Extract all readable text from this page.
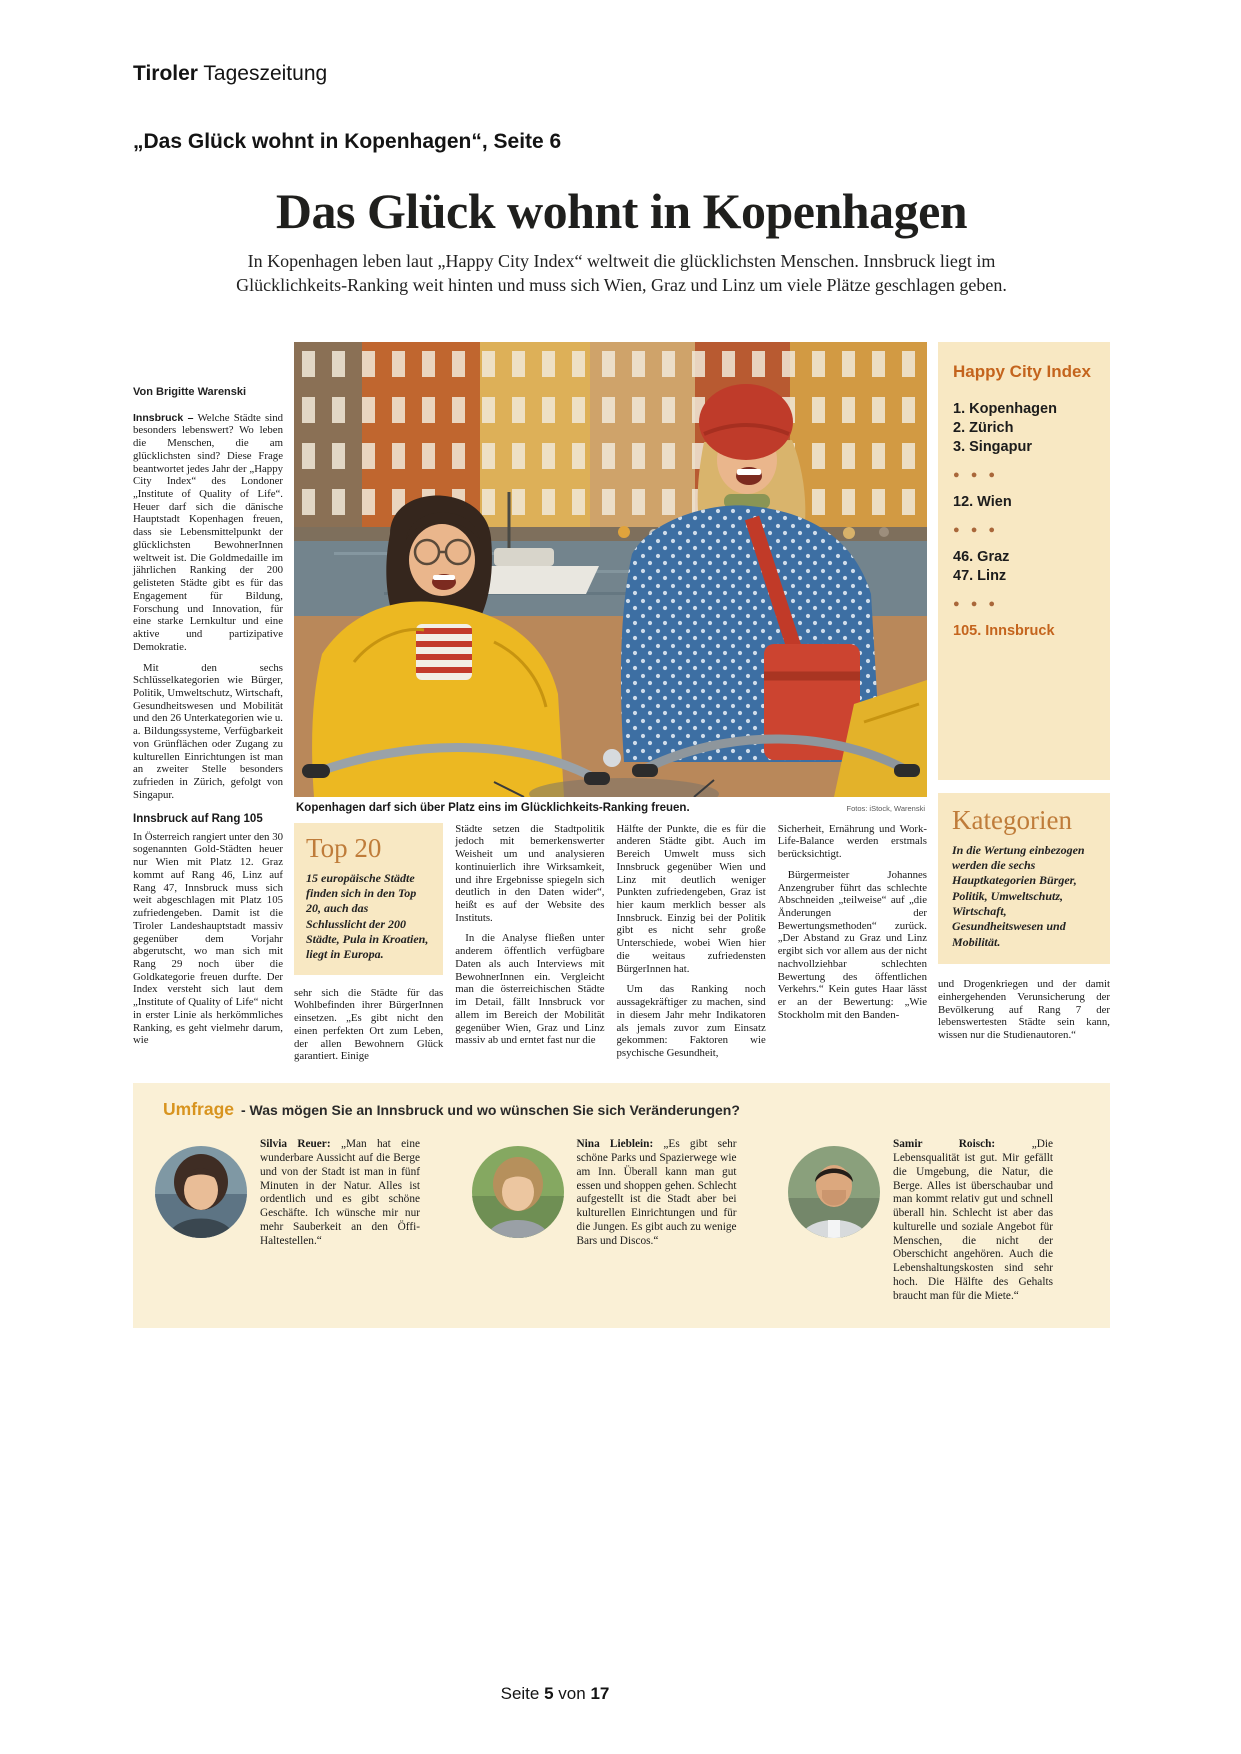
Tiroler Tageszeitung
„Das Glück wohnt in Kopenhagen“, Seite 6
Das Glück wohnt in Kopenhagen

In Kopenhagen leben laut „Happy City Index“ weltweit die glücklichsten Menschen. Innsbruck liegt im Glücklichkeits-Ranking weit hinten und muss sich Wien, Graz und Linz um viele Plätze geschlagen geben.

Von Brigitte Warenski

Innsbruck – Welche Städte sind besonders lebenswert? Wo leben die Menschen, die am glücklichsten sind? Diese Frage beantwortet jedes Jahr der „Happy City Index“ des Londoner „Institute of Quality of Life“. Heuer darf sich die dänische Hauptstadt Kopenhagen freuen, dass sie Lebensmittelpunkt der glücklichsten BewohnerInnen weltweit ist. Die Goldmedaille im jährlichen Ranking der 200 gelisteten Städte gibt es für das Engagement für Bildung, Forschung und Innovation, für eine starke Lernkultur und eine aktive und partizipative Demokratie.

Mit den sechs Schlüsselkategorien wie Bürger, Politik, Umweltschutz, Wirtschaft, Gesundheitswesen und Mobilität und den 26 Unterkategorien wie u. a. Bildungssysteme, Verfügbarkeit von Grünflächen oder Zugang zu kulturellen Einrichtungen ist man an zweiter Stelle besonders zufrieden in Zürich, gefolgt von Singapur.

Innsbruck auf Rang 105

In Österreich rangiert unter den 30 sogenannten Gold-Städten heuer nur Wien mit Platz 12. Graz kommt auf Rang 46, Linz auf Rang 47, Innsbruck muss sich weit abgeschlagen mit Platz 105 zufriedengeben. Damit ist die Tiroler Landeshauptstadt massiv gegenüber dem Vorjahr abgerutscht, wo man sich mit Rang 29 noch über die Goldkategorie freuen durfte. Der Index versteht sich laut dem „Institute of Quality of Life“ nicht in erster Linie als herkömmliches Ranking, es geht vielmehr darum, wie

Kopenhagen darf sich über Platz eins im Glücklichkeits-Ranking freuen.	Fotos: iStock, Warenski
Top 20
15 europäische Städte finden sich in den Top 20, auch das Schlusslicht der 200 Städte, Pula in Kroatien, liegt in Europa.

sehr sich die Städte für das Wohlbefinden ihrer BürgerInnen einsetzen. „Es gibt nicht den einen perfekten Ort zum Leben, der allen Bewohnern Glück garantiert. Einige

Städte setzen die Stadtpolitik jedoch mit bemerkenswerter Weisheit um und analysieren kontinuierlich ihre Wirksamkeit, und ihre Ergebnisse spiegeln sich deutlich in den Daten wider“, heißt es auf der Website des Instituts.

In die Analyse fließen unter anderem öffentlich verfügbare Daten als auch Interviews mit BewohnerInnen ein. Vergleicht man die österreichischen Städte im Detail, fällt Innsbruck vor allem im Bereich der Mobilität gegenüber Wien, Graz und Linz massiv ab und erntet fast nur die

Hälfte der Punkte, die es für die anderen Städte gibt. Auch im Bereich Umwelt muss sich Innsbruck gegenüber Wien und Linz mit deutlich weniger Punkten zufriedengeben, Graz ist hier kaum merklich besser als Innsbruck. Einzig bei der Politik gibt es nicht sehr große Unterschiede, wobei Wien hier die weitaus zufriedensten BürgerInnen hat.

Um das Ranking noch aussagekräftiger zu machen, sind in diesem Jahr mehr Indikatoren als jemals zuvor zum Einsatz gekommen: Faktoren wie psychische Gesundheit,

Sicherheit, Ernährung und Work-Life-Balance werden erstmals berücksichtigt.

Bürgermeister Johannes Anzengruber führt das schlechte Abschneiden „teilweise“ auf „die Änderungen der Bewertungsmethoden“ zurück. „Der Abstand zu Graz und Linz ergibt sich vor allem aus der nicht nachvollziehbar schlechten Bewertung des öffentlichen Verkehrs.“ Kein gutes Haar lässt er an der Bewertung: „Wie Stockholm mit den Banden-

Happy City Index
1. Kopenhagen
2. Zürich
3. Singapur
● ● ●
12. Wien
● ● ●
46. Graz
47. Linz
● ● ●
105. Innsbruck
Kategorien
In die Wertung einbezogen werden die sechs Hauptkategorien Bürger, Politik, Umweltschutz, Wirtschaft, Gesundheitswesen und Mobilität.

und Drogenkriegen und der damit einhergehenden Verunsicherung der Bevölkerung auf Rang 7 der lebenswertesten Städte sein kann, wissen nur die Studienautoren.“

Umfrage - Was mögen Sie an Innsbruck und wo wünschen Sie sich Veränderungen?
Silvia Reuer: „Man hat eine wunderbare Aussicht auf die Berge und von der Stadt ist man in fünf Minuten in der Natur. Alles ist ordentlich und es gibt schöne Geschäfte. Ich wünsche mir nur mehr Sauberkeit an den Öffi-Haltestellen.“
Nina Lieblein: „Es gibt sehr schöne Parks und Spazierwege wie am Inn. Überall kann man gut essen und shoppen gehen. Schlecht aufgestellt ist die Stadt aber bei kulturellen Einrichtungen und für die Jungen. Es gibt auch zu wenige Bars und Discos.“
Samir Roisch:	„Die Lebensqualität ist gut. Mir gefällt die Umgebung, die Natur, die Berge. Alles ist überschaubar und man kommt relativ gut und schnell überall hin. Schlecht ist aber das kulturelle und soziale Angebot für Menschen, die nicht der Oberschicht angehören. Auch die Lebenshaltungskosten sind sehr hoch. Die Hälfte des Gehalts braucht man für die Miete.“
Seite 5 von 17
